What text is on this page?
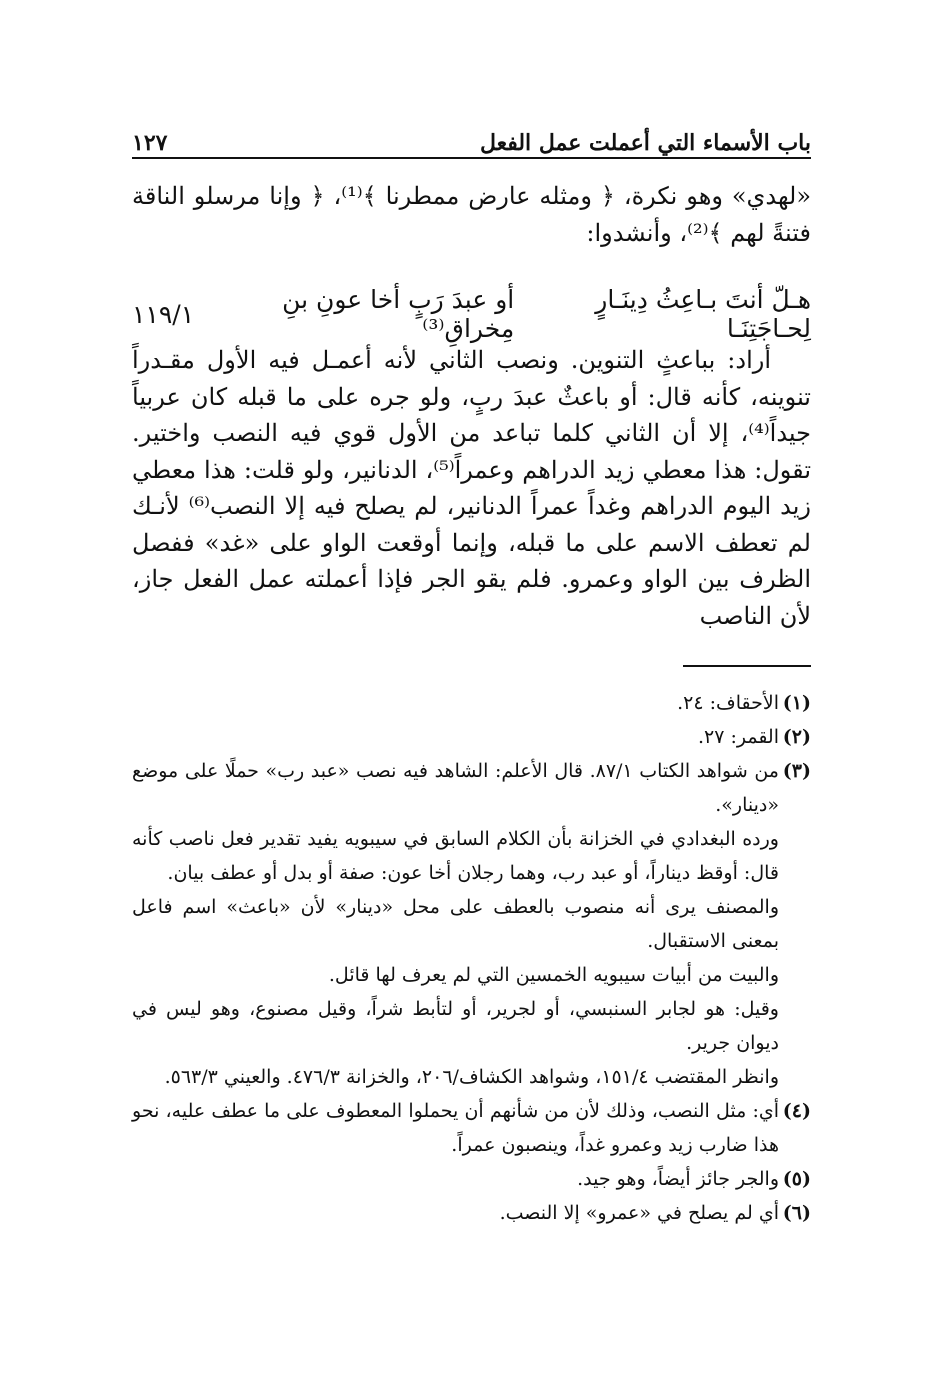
باب الأسماء التي أعملت عمل الفعل
١٢٧

«لهدي» وهو نكرة، ﴿ ومثله عارض ممطرنا ﴾⁽¹⁾، ﴿ وإنا مرسلو الناقة فتنةً لهم ﴾⁽²⁾، وأنشدوا:

هـلّ أنتَ بـاعِثُ دِينَـارٍ لِحـاجَتِنَـا
أو عبدَ رَبٍ أخا عونِ بنِ مِخراقِ⁽³⁾
١١٩/١
أراد: بباعثٍ التنوين. ونصب الثاني لأنه أعمـل فيه الأول مقـدراً تنوينه، كأنه قال: أو باعثٌ عبدَ ربٍ، ولو جره على ما قبله كان عربياً جيداً⁽⁴⁾، إلا أن الثاني كلما تباعد من الأول قوي فيه النصب واختير. تقول: هذا معطي زيد الدراهم وعمراً⁽⁵⁾، الدنانير، ولو قلت: هذا معطي زيد اليوم الدراهم وغداً عمراً الدنانير، لم يصلح فيه إلا النصب⁽⁶⁾ لأنـك لم تعطف الاسم على ما قبله، وإنما أوقعت الواو على «غد» ففصل الظرف بين الواو وعمرو. فلم يقو الجر فإذا أعملته عمل الفعل جاز، لأن الناصب
(١)
الأحقاف: ٢٤.
(٢)
القمر: ٢٧.
(٣)
من شواهد الكتاب ٨٧/١. قال الأعلم: الشاهد فيه نصب «عبد رب» حملًا على موضع «دينار».
ورده البغدادي في الخزانة بأن الكلام السابق في سيبويه يفيد تقدير فعل ناصب كأنه قال: أوقظ ديناراً، أو عبد رب، وهما رجلان أخا عون: صفة أو بدل أو عطف بيان.
والمصنف يرى أنه منصوب بالعطف على محل «دينار» لأن «باعث» اسم فاعل بمعنى الاستقبال.
والبيت من أبيات سيبويه الخمسين التي لم يعرف لها قائل.
وقيل: هو لجابر السنبسي، أو لجرير، أو لتأبط شراً، وقيل مصنوع، وهو ليس في ديوان جرير.
وانظر المقتضب ١٥١/٤، وشواهد الكشاف/٢٠٦، والخزانة ٤٧٦/٣. والعيني ٥٦٣/٣.
(٤)
أي: مثل النصب، وذلك لأن من شأنهم أن يحملوا المعطوف على ما عطف عليه، نحو هذا ضارب زيد وعمرو غداً، وينصبون عمراً.
(٥)
والجر جائز أيضاً، وهو جيد.
(٦)
أي لم يصلح في «عمرو» إلا النصب.
